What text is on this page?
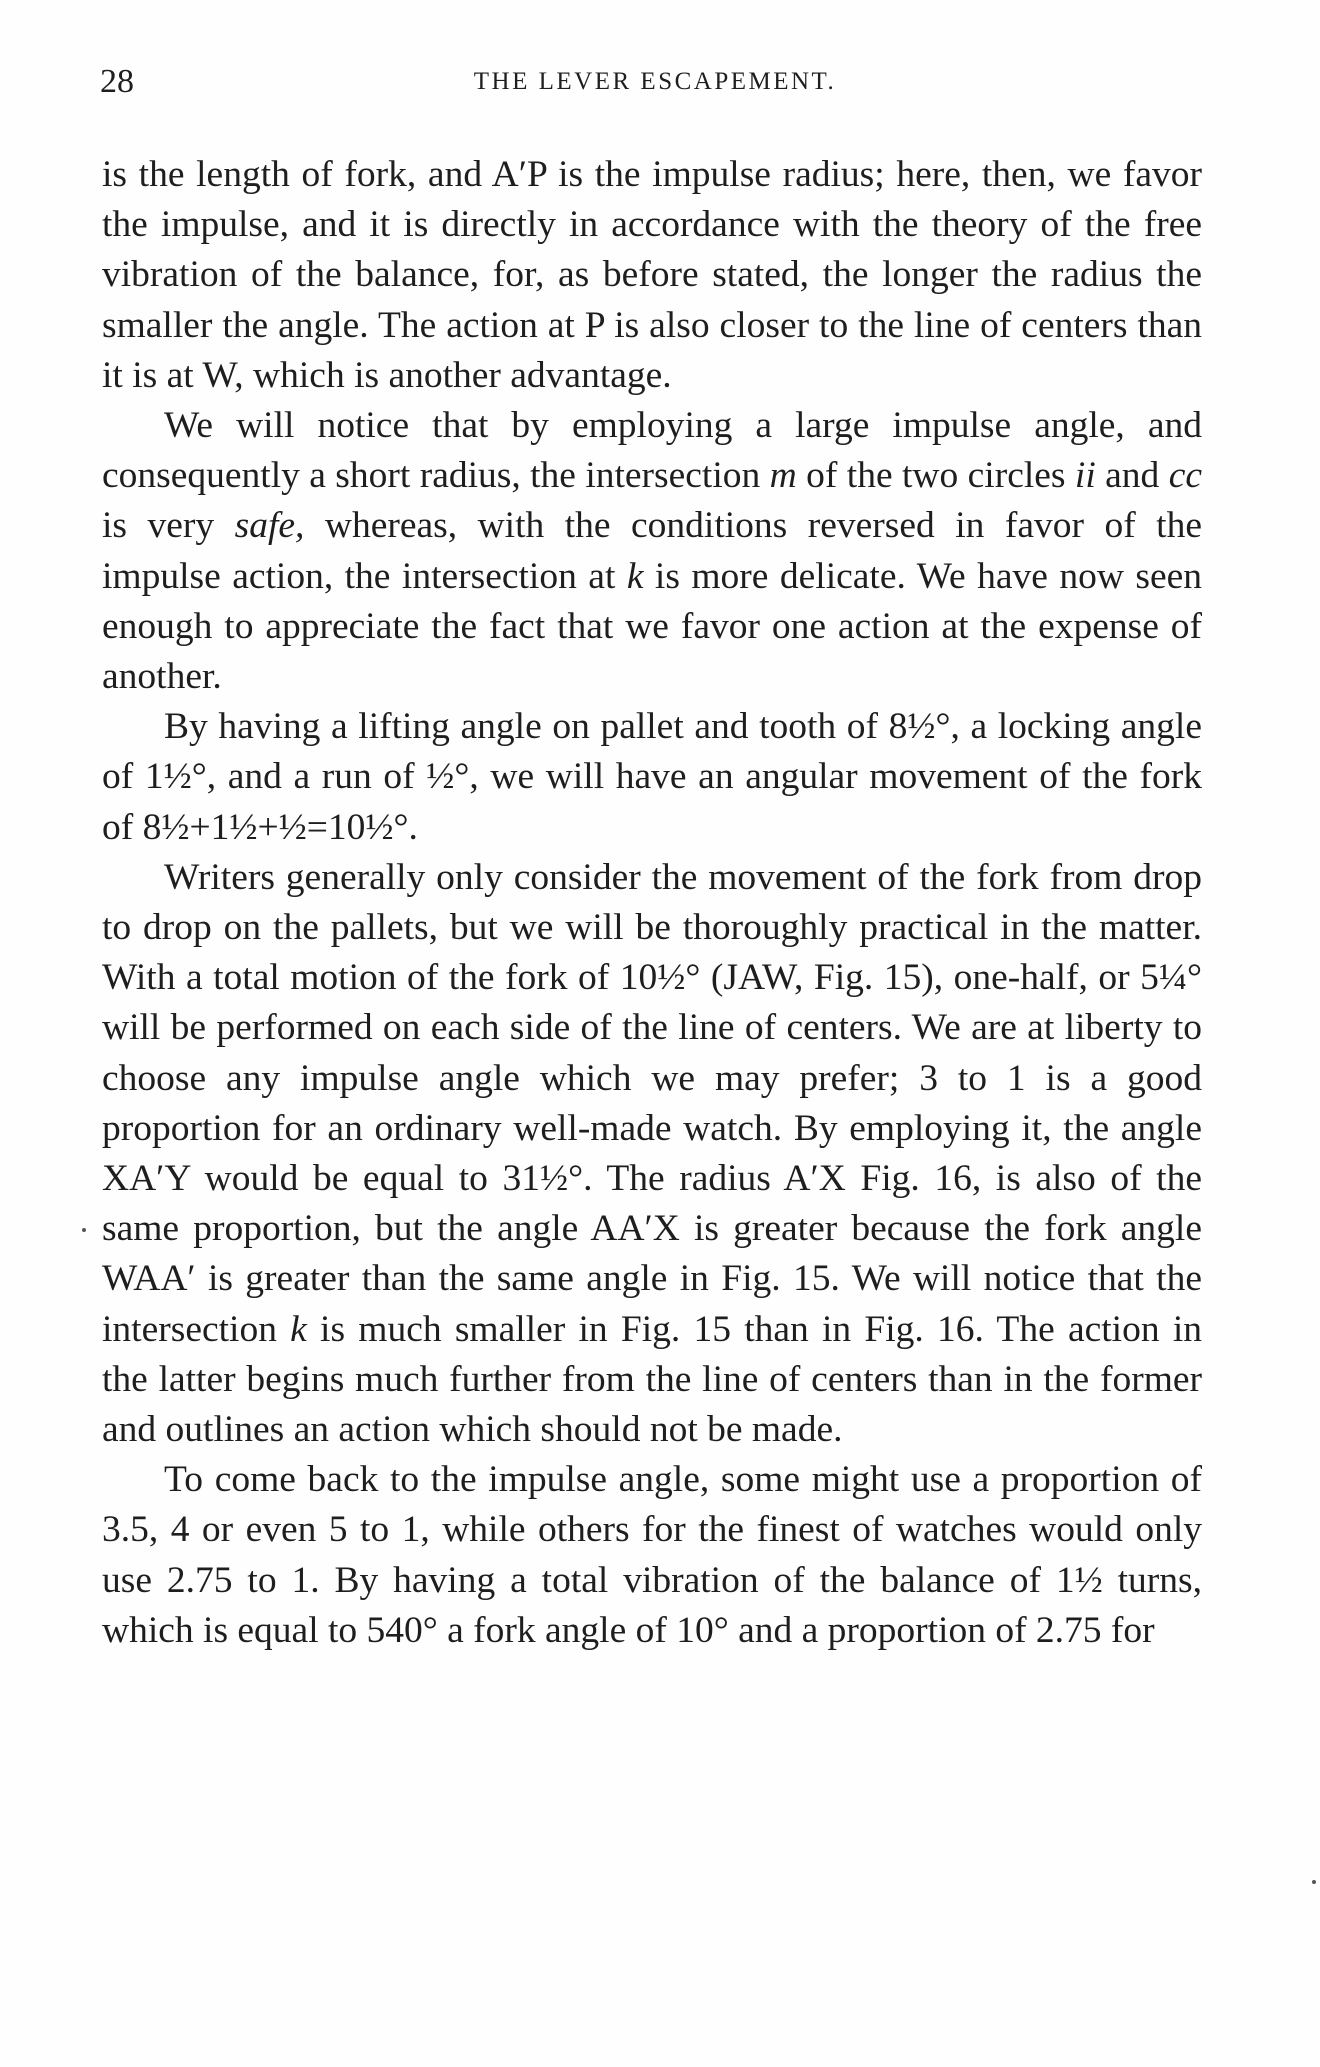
28	THE LEVER ESCAPEMENT.

is the length of fork, and A′P is the impulse radius; here, then, we favor the impulse, and it is directly in accordance with the theory of the free vibration of the balance, for, as before stated, the longer the radius the smaller the angle. The action at P is also closer to the line of centers than it is at W, which is another advantage.

We will notice that by employing a large impulse angle, and consequently a short radius, the intersection m of the two circles ii and cc is very safe, whereas, with the conditions reversed in favor of the impulse action, the intersection at k is more delicate. We have now seen enough to appreciate the fact that we favor one action at the expense of another.

By having a lifting angle on pallet and tooth of 8½°, a locking angle of 1½°, and a run of ½°, we will have an angular movement of the fork of 8½+1½+½=10½°.

Writers generally only consider the movement of the fork from drop to drop on the pallets, but we will be thoroughly practical in the matter. With a total motion of the fork of 10½° (JAW, Fig. 15), one-half, or 5¼° will be performed on each side of the line of centers. We are at liberty to choose any impulse angle which we may prefer; 3 to 1 is a good proportion for an ordinary well-made watch. By employing it, the angle XA′Y would be equal to 31½°. The radius A′X Fig. 16, is also of the same proportion, but the angle AA′X is greater because the fork angle WAA′ is greater than the same angle in Fig. 15. We will notice that the intersection k is much smaller in Fig. 15 than in Fig. 16. The action in the latter begins much further from the line of centers than in the former and outlines an action which should not be made.

To come back to the impulse angle, some might use a proportion of 3.5, 4 or even 5 to 1, while others for the finest of watches would only use 2.75 to 1. By having a total vibration of the balance of 1½ turns, which is equal to 540° a fork angle of 10° and a proportion of 2.75 for
